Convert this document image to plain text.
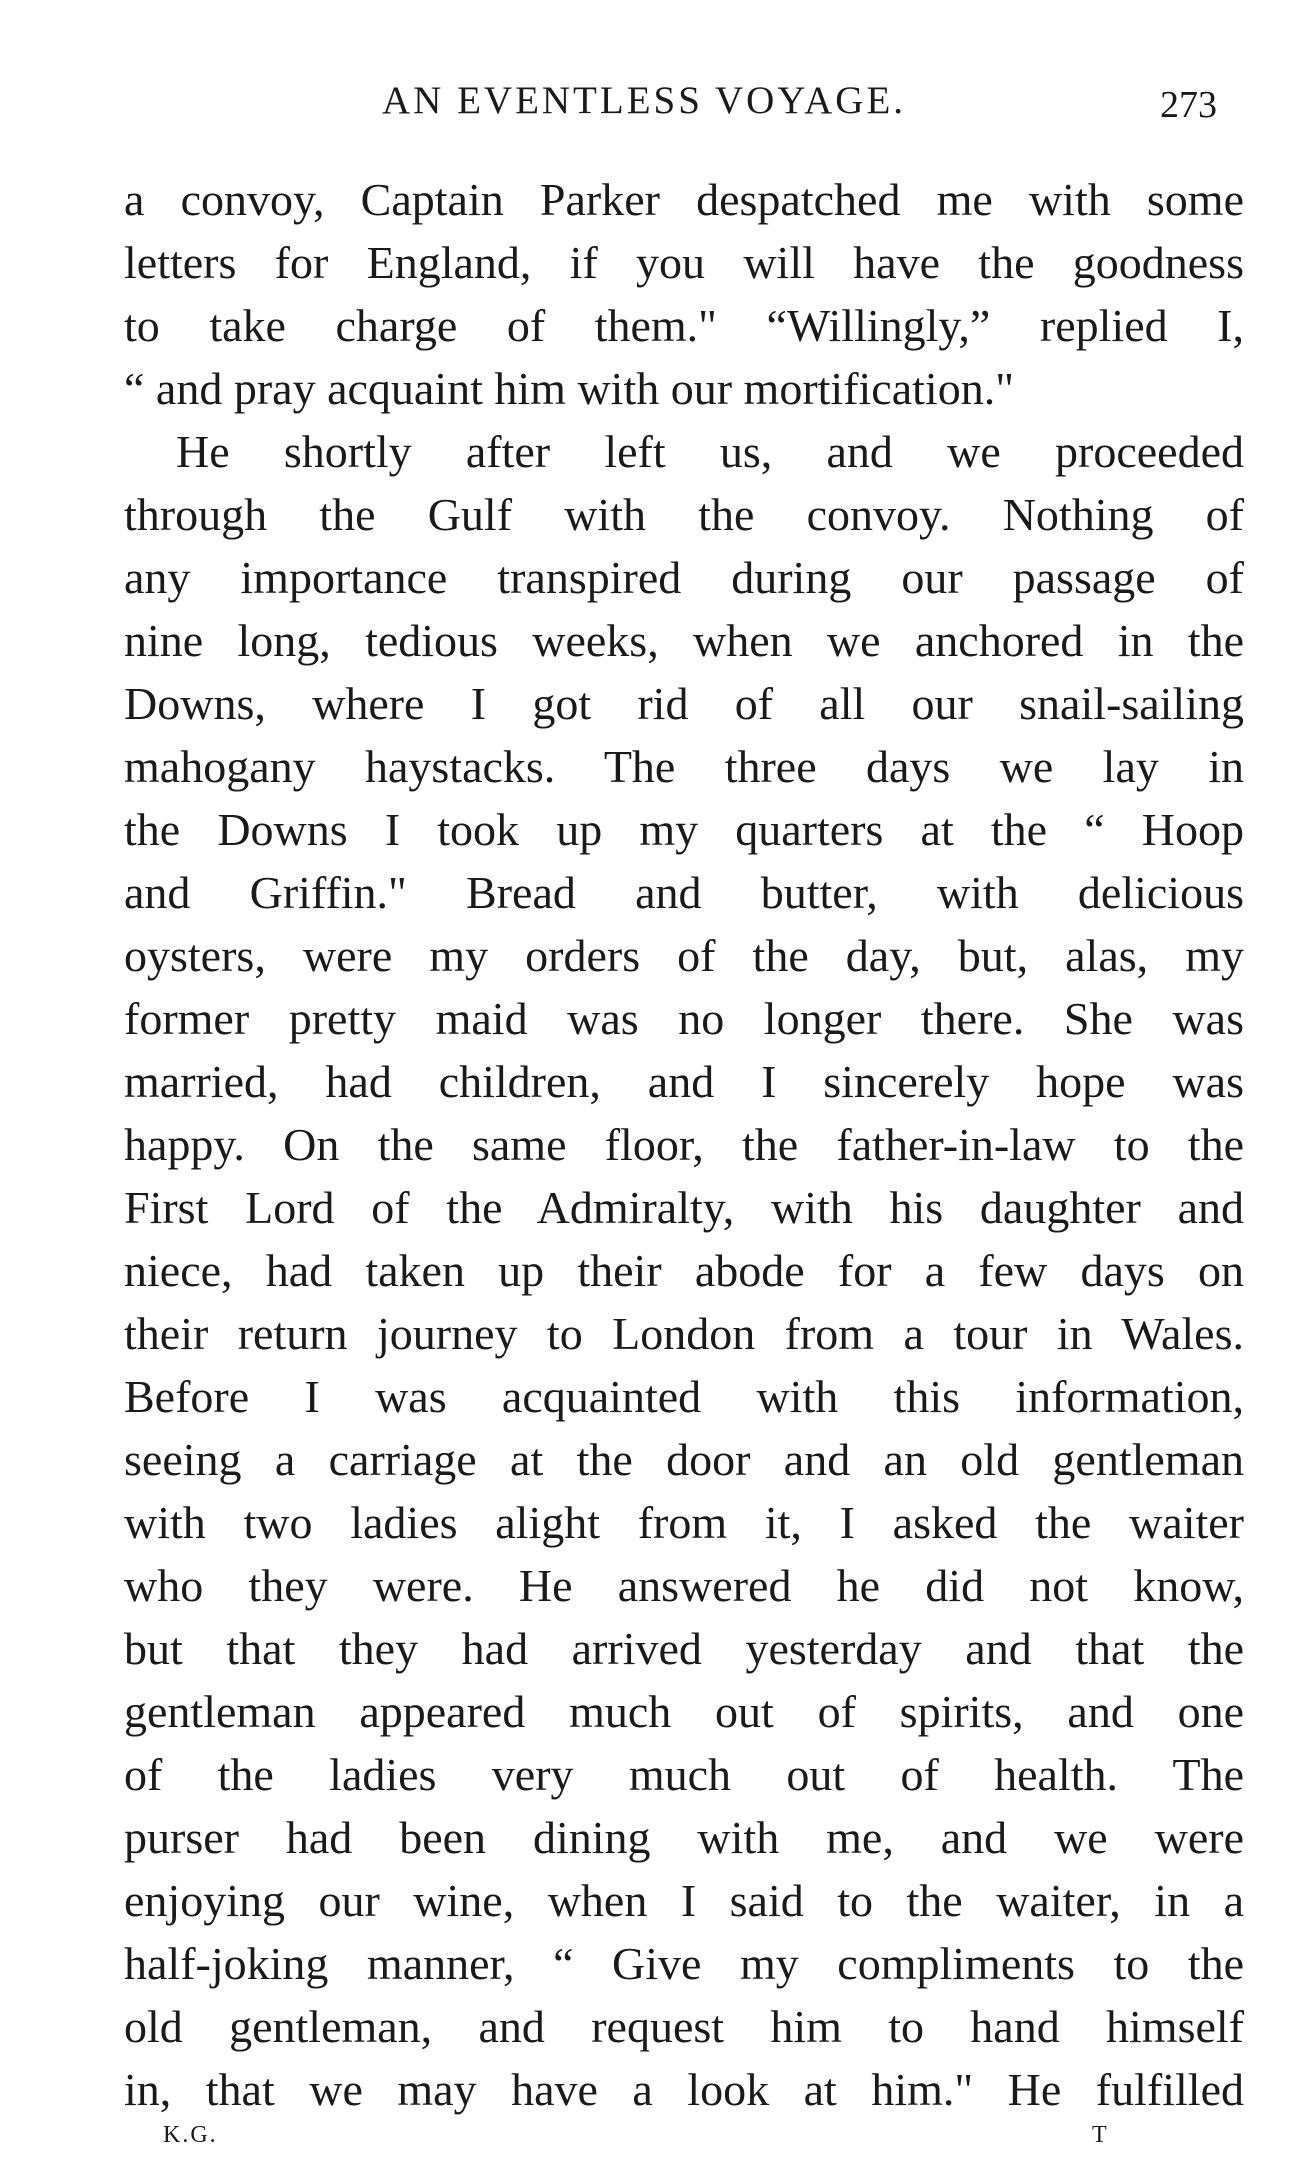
AN EVENTLESS VOYAGE.	273
a convoy, Captain Parker despatched me with some
letters for England, if you will have the goodness
to take charge of them." “Willingly,” replied I,
“ and pray acquaint him with our mortification."
He shortly after left us, and we proceeded
through the Gulf with the convoy. Nothing of
any importance transpired during our passage of
nine long, tedious weeks, when we anchored in the
Downs, where I got rid of all our snail-sailing
mahogany haystacks. The three days we lay in
the Downs I took up my quarters at the “ Hoop
and Griffin." Bread and butter, with delicious
oysters, were my orders of the day, but, alas, my
former pretty maid was no longer there. She was
married, had children, and I sincerely hope was
happy. On the same floor, the father-in-law to the
First Lord of the Admiralty, with his daughter and
niece, had taken up their abode for a few days on
their return journey to London from a tour in Wales.
Before I was acquainted with this information,
seeing a carriage at the door and an old gentleman
with two ladies alight from it, I asked the waiter
who they were. He answered he did not know,
but that they had arrived yesterday and that the
gentleman appeared much out of spirits, and one
of the ladies very much out of health. The
purser had been dining with me, and we were
enjoying our wine, when I said to the waiter, in a
half-joking manner, “ Give my compliments to the
old gentleman, and request him to hand himself
in, that we may have a look at him." He fulfilled
K.G.	T
